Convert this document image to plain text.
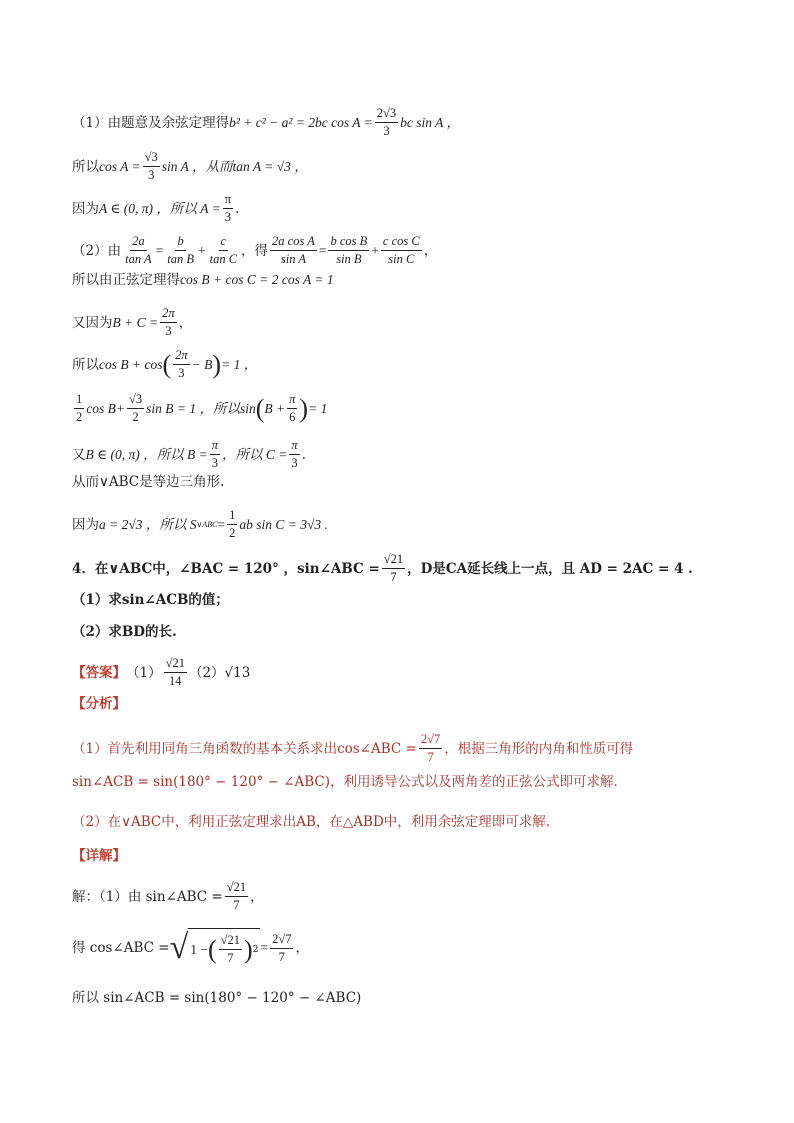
（1）由题意及余弦定理得 b² + c² − a² = 2bc $\cos A = \frac{2√3}{3}$ bc sin A ，
所以 $\cos A = \frac{√3}{3}$ sin A ，从而 tan A = √3 ，
因为 A ∈ (0, π) ，所以 $A = \frac{\pi}{3}$ .
（2）由 $\frac{2a}{\text{tan A}} = \frac{b}{\text{tan B}} + \frac{c}{\text{tan C}}$ ，得 $\frac{\text{2a cos A}}{\text{sin A}} = \frac{\text{b cos B}}{\text{sin B}} + \frac{\text{c cos C}}{\text{sin C}}$ ，
所以由正弦定理得 cos B + cos C = 2 cos A = 1
又因为 $B + C = \frac{2\pi}{3}$ ，
所以 cos B + cos ( $\frac{2\pi}{3} - B$ ) = 1 ，
$\frac{1}{2}$ $\cos B+ \frac{√3}{2}$ sin B = 1 ，所以 sin ( $B + \frac{\pi}{6}$ ) = 1
又 B ∈ (0, π) ，所以 $B = \frac{\pi}{3}$ ，所以 $C = \frac{\pi}{3}$ .
从而∨ABC是等边三角形.
因为 a = 2√3 ，所以 S ∨ABC = $\frac{1}{2}$ ab sin C = 3√3 .
4． 在∨ABC中，∠BAC = 120° ，sin∠ABC = $\frac{√21}{7}$ ，D是CA延长线上一点，且 AD = 2AC = 4 .
（1）求sin∠ACB的值；
（2）求BD的长.
【答案】 $(1) \frac{√21}{14} (2)√13$
【分析】
（1）首先利用同角三角函数的基本关系求出cos∠ABC = $\frac{2√7}{7}$ ，根据三角形的内角和性质可得
sin∠ACB = sin(180° − 120° − ∠ABC)，利用诱导公式以及两角差的正弦公式即可求解.
（2）在∨ABC中，利用正弦定理求出AB，在△ABD中，利用余弦定理即可求解.
【详解】
解：（1）由 sin∠ABC = $\frac{√21}{7}$ ，
得 cos∠ABC = √ 1 − ( $\frac{√21}{7}$ ) $2 = \frac{2√7}{7}$ ，
所以 sin∠ACB = sin(180° − 120° − ∠ABC)
